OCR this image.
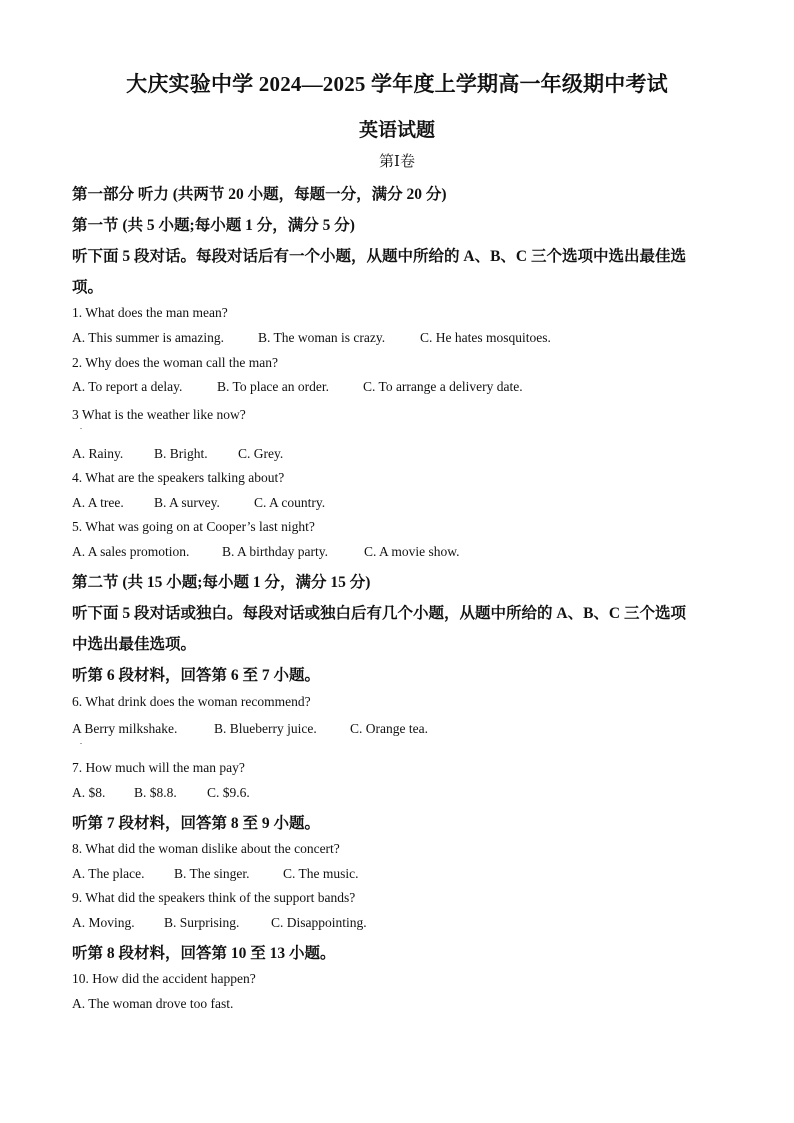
大庆实验中学 2024—2025 学年度上学期高一年级期中考试
英语试题
第Ⅰ卷
第一部分 听力 (共两节 20 小题，每题一分，满分 20 分)
第一节 (共 5 小题;每小题 1 分，满分 5 分)
听下面 5 段对话。每段对话后有一个小题，从题中所给的 A、B、C 三个选项中选出最佳选
项。
1. What does the man mean?
A. This summer is amazing.	B. The woman is crazy.	C. He hates mosquitoes.
2. Why does the woman call the man?
A. To report a delay.	B. To place an order.	C. To arrange a delivery date.
3 What is the weather like now?
.
A. Rainy. B. Bright. C. Grey.
4. What are the speakers talking about?
A. A tree. B. A survey.	C. A country.
5. What was going on at Cooper’s last night?
A. A sales promotion. B. A birthday party.	C. A movie show.
第二节 (共 15 小题;每小题 1 分，满分 15 分)
听下面 5 段对话或独白。每段对话或独白后有几个小题，从题中所给的 A、B、C 三个选项
中选出最佳选项。
听第 6 段材料，回答第 6 至 7 小题。
6. What drink does the woman recommend?
A Berry milkshake.	B. Blueberry juice. C. Orange tea.
.
7. How much will the man pay?
A. $8. B. $8.8. C. $9.6.
听第 7 段材料，回答第 8 至 9 小题。
8. What did the woman dislike about the concert?
A. The place. B. The singer. C. The music.
9. What did the speakers think of the support bands?
A. Moving. B. Surprising. C. Disappointing.
听第 8 段材料，回答第 10 至 13 小题。
10. How did the accident happen?
A. The woman drove too fast.
